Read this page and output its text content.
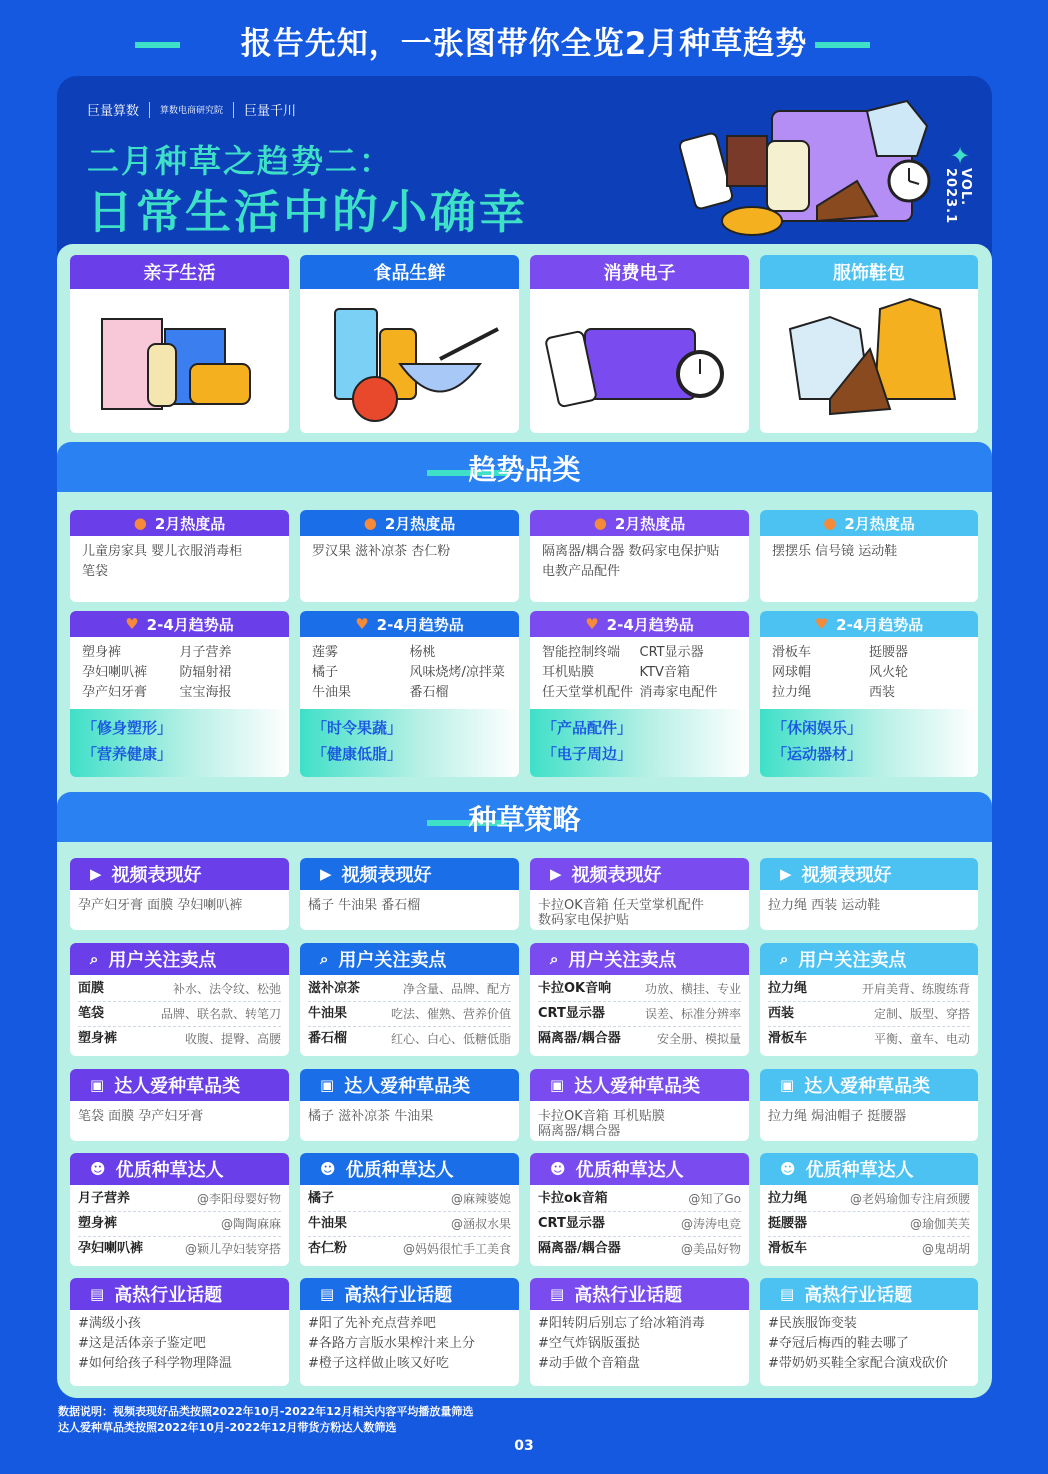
报告先知，一张图带你全览2月种草趋势
巨量算数 算数电商研究院 巨量千川
二月种草之趋势二：
日常生活中的小确幸
✦
VOL. 2023.1
趋势品类
种草策略
亲子生活	食品生鲜	消费电子	服饰鞋包
● 2月热度品
儿童房家具 婴儿衣服消毒柜
笔袋
♥ 2-4月趋势品
塑身裤	月子营养
孕妇喇叭裤	防辐射裙
孕产妇牙膏	宝宝海报
「修身塑形」
「营养健康」
● 2月热度品
罗汉果 滋补凉茶 杏仁粉
♥ 2-4月趋势品
莲雾	杨桃
橘子	风味烧烤/凉拌菜
牛油果	番石榴
「时令果蔬」
「健康低脂」
● 2月热度品
隔离器/耦合器 数码家电保护贴
电教产品配件
♥ 2-4月趋势品
智能控制终端	CRT显示器
耳机贴膜	KTV音箱
任天堂掌机配件 消毒家电配件
「产品配件」
「电子周边」
● 2月热度品
摆摆乐 信号镜 运动鞋
♥ 2-4月趋势品
滑板车	挺腰器
网球帽	风火轮
拉力绳	西装
「休闲娱乐」
「运动器材」
▶ 视频表现好
孕产妇牙膏 面膜 孕妇喇叭裤
▶ 视频表现好
橘子 牛油果 番石榴
▶ 视频表现好
卡拉OK音箱 任天堂掌机配件
数码家电保护贴
▶ 视频表现好
拉力绳 西装 运动鞋
⌕ 用户关注卖点
面膜	补水、法令纹、松弛
笔袋	品牌、联名款、转笔刀
塑身裤	收腹、提臀、高腰
⌕ 用户关注卖点
滋补凉茶	净含量、品牌、配方
牛油果	吃法、催熟、营养价值
番石榴	红心、白心、低糖低脂
⌕ 用户关注卖点
卡拉OK音响	功放、横挂、专业
CRT显示器	误差、标准分辨率
隔离器/耦合器	安全册、模拟量
⌕ 用户关注卖点
拉力绳	开肩美背、练腹练背
西装	定制、版型、穿搭
滑板车	平衡、童车、电动
▣ 达人爱种草品类
笔袋 面膜 孕产妇牙膏
▣ 达人爱种草品类
橘子 滋补凉茶 牛油果
▣ 达人爱种草品类
卡拉OK音箱 耳机贴膜
隔离器/耦合器
▣ 达人爱种草品类
拉力绳 焗油帽子 挺腰器
☻ 优质种草达人
月子营养	@李阳母婴好物
塑身裤	@陶陶麻麻
孕妇喇叭裤	@颖儿孕妇装穿搭
☻ 优质种草达人
橘子	@麻辣婆媳
牛油果	@涵叔水果
杏仁粉	@妈妈很忙手工美食
☻ 优质种草达人
卡拉ok音箱	@知了Go
CRT显示器	@涛涛电竞
隔离器/耦合器	@美品好物
☻ 优质种草达人
拉力绳	@老妈瑜伽专注肩颈腰
挺腰器	@瑜伽芙芙
滑板车	@鬼胡胡
▤ 高热行业话题
#满级小孩
#这是活体亲子鉴定吧
#如何给孩子科学物理降温
▤ 高热行业话题
#阳了先补充点营养吧
#各路方言版水果榨汁来上分
#橙子这样做止咳又好吃
▤ 高热行业话题
#阳转阴后别忘了给冰箱消毒
#空气炸锅版蛋挞
#动手做个音箱盘
▤ 高热行业话题
#民族服饰变装
#夺冠后梅西的鞋去哪了
#带奶奶买鞋全家配合演戏砍价
数据说明：视频表现好品类按照2022年10月-2022年12月相关内容平均播放量筛选
达人爱种草品类按照2022年10月-2022年12月带货方粉达人数筛选
03
